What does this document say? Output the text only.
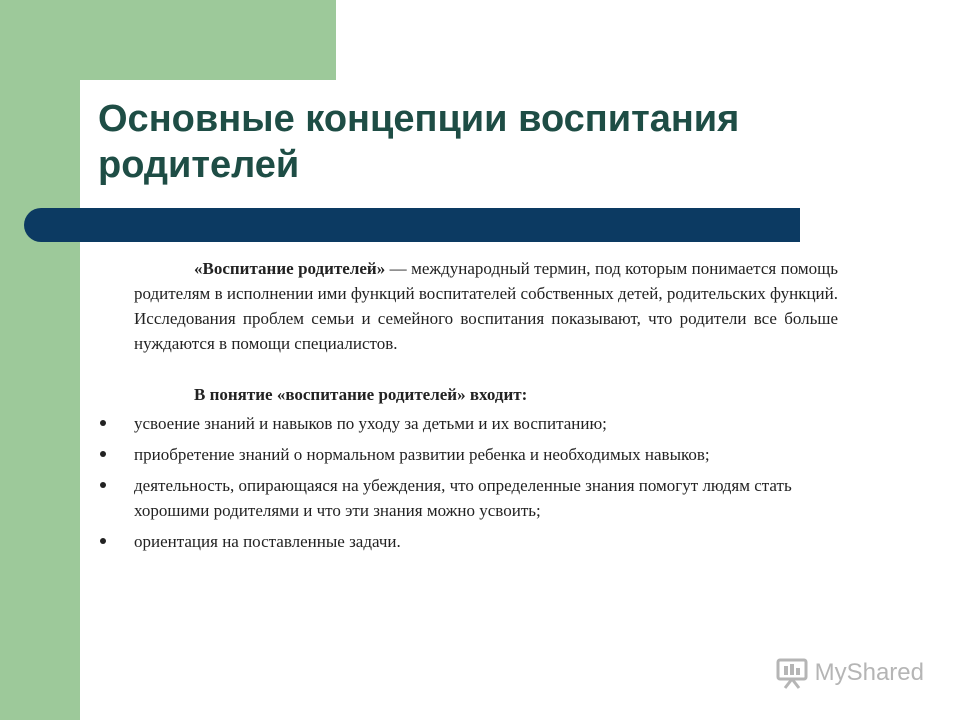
Основные концепции воспитания родителей

«Воспитание родителей» — международный термин, под которым понимается помощь родителям в исполнении ими функций воспитателей собственных детей, родительских функций. Исследования проблем семьи и семейного воспитания показывают, что родители все больше нуждаются в помощи специалистов.

В понятие «воспитание родителей» входит:

усвоение знаний и навыков по уходу за детьми и их воспитанию;
приобретение знаний о нормальном развитии ребенка и необходимых навыков;
деятельность, опирающаяся на убеждения, что определенные знания помогут людям стать хорошими родителями и что эти знания можно усвоить;
ориентация на поставленные задачи.
MyShared
